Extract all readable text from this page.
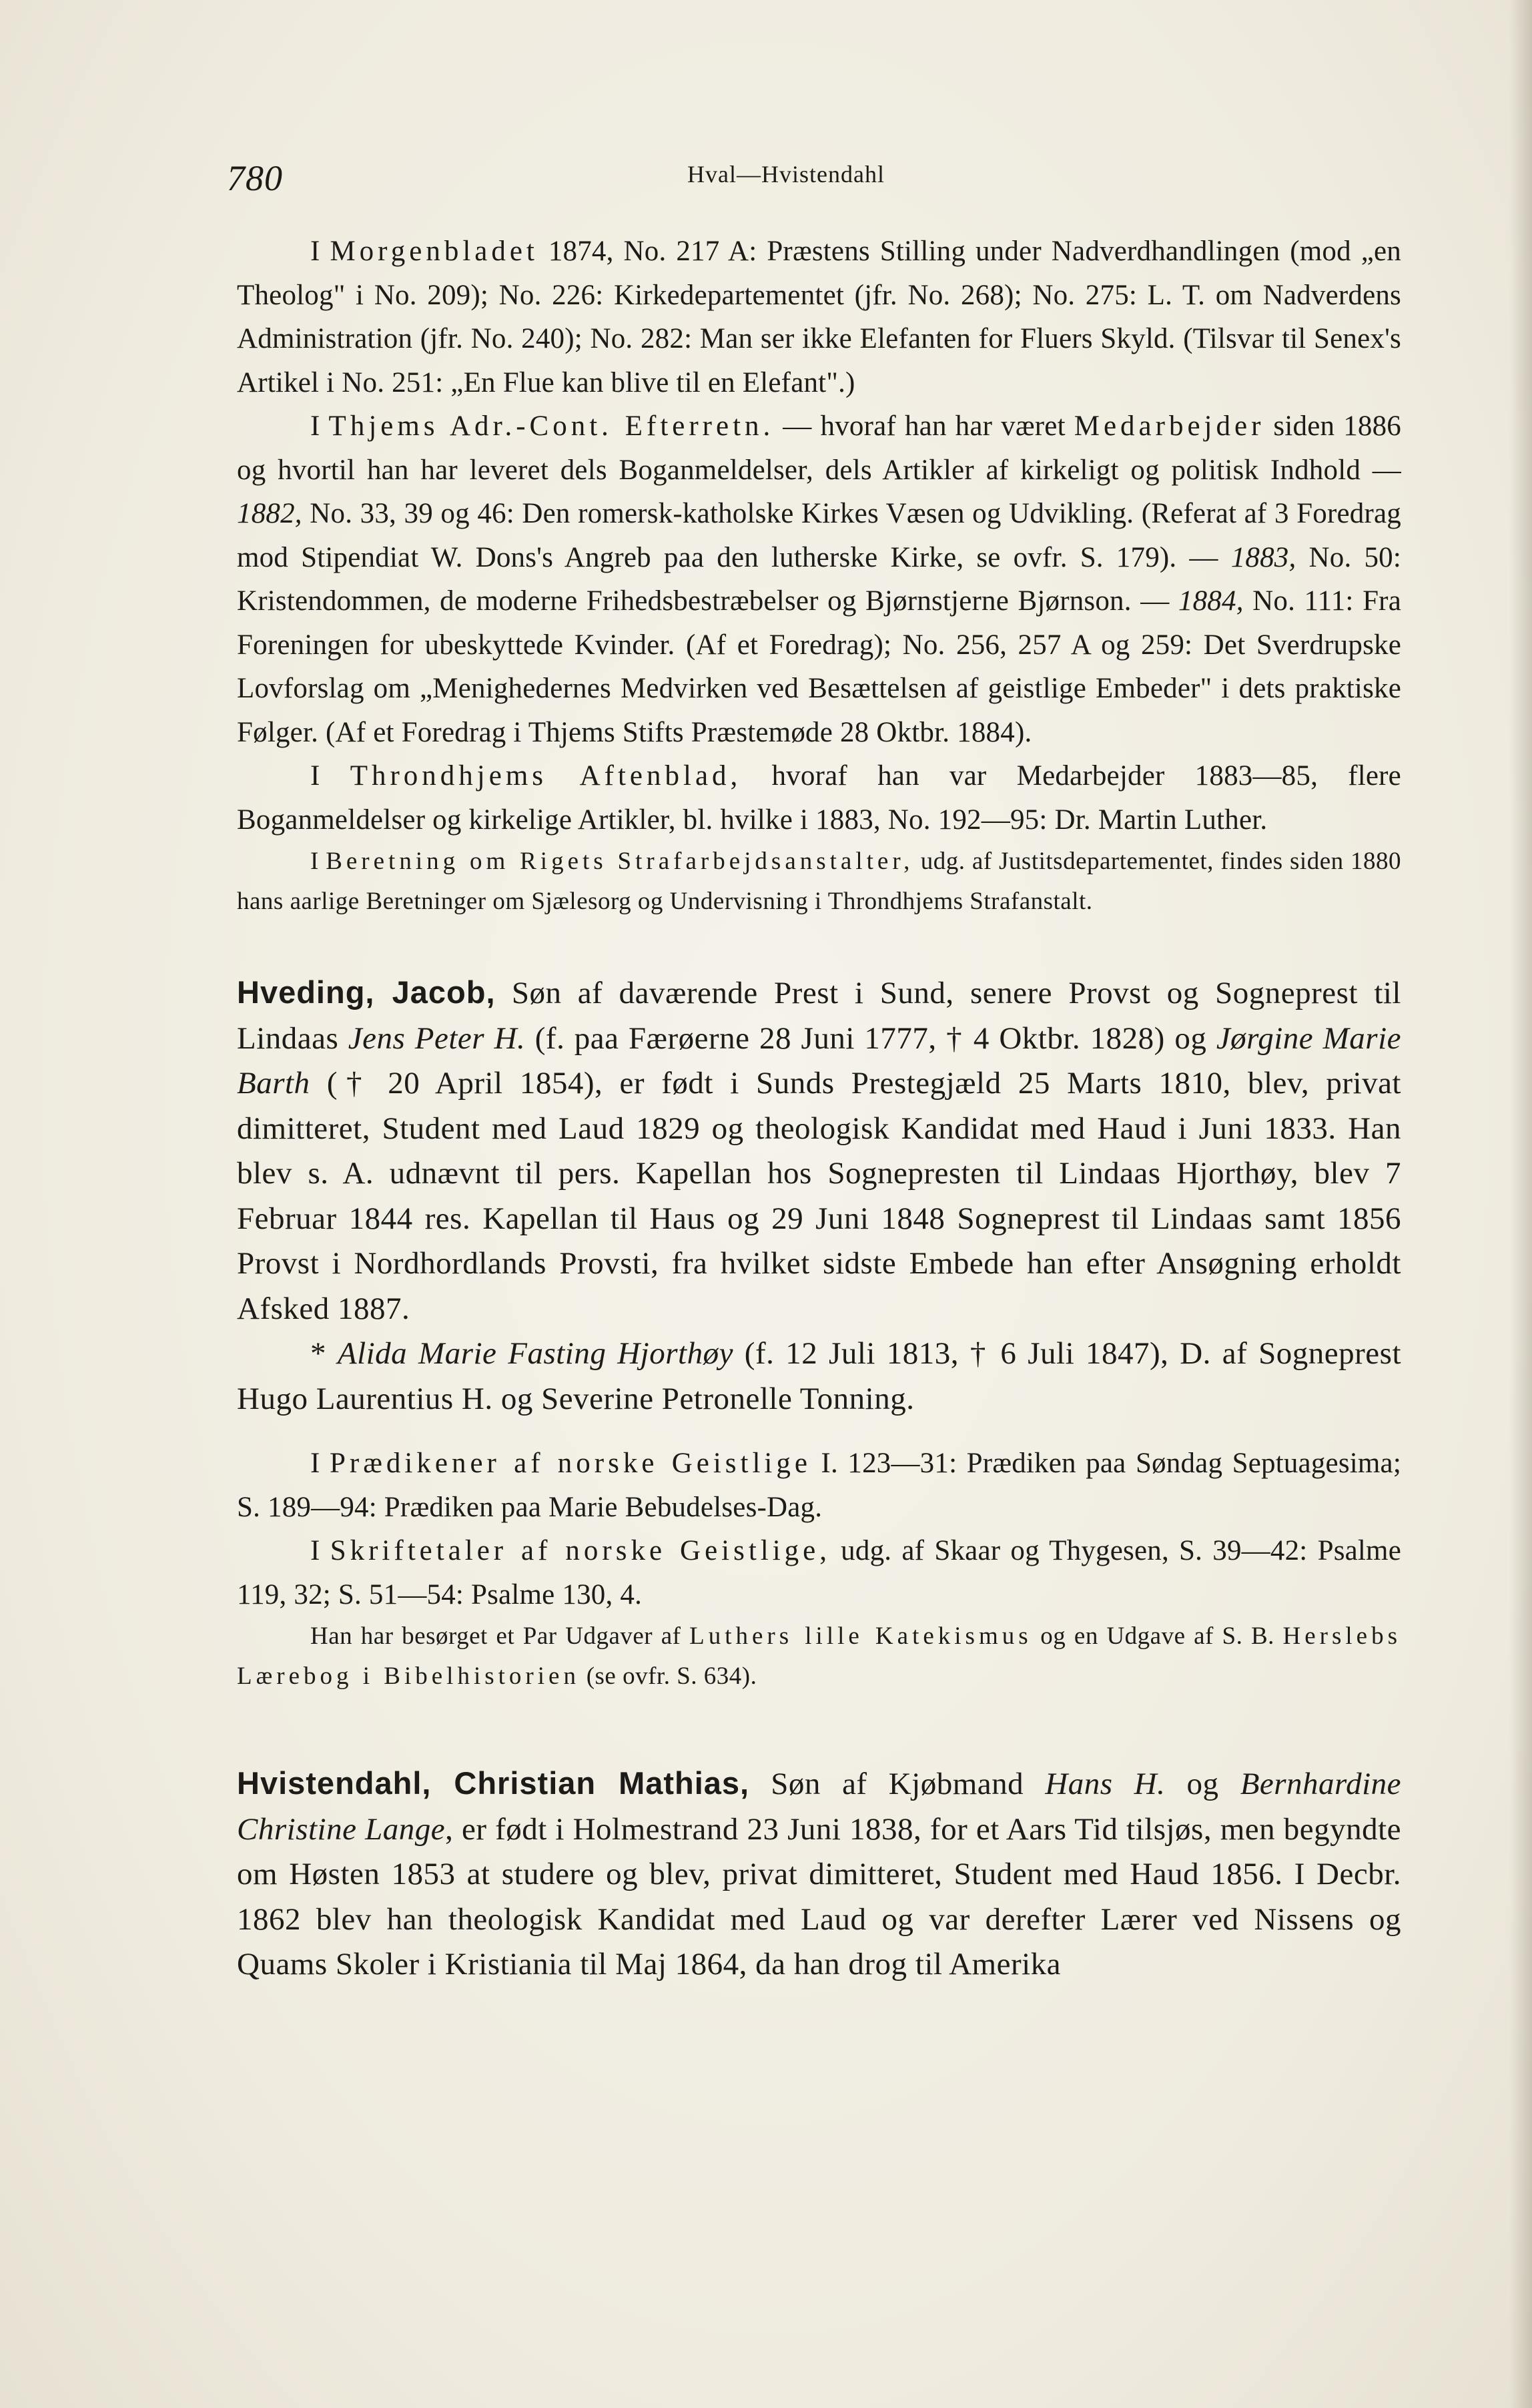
780	Hval—Hvistendahl

I Morgenbladet 1874, No. 217 A: Præstens Stilling under Nadverdhandlingen (mod „en Theolog" i No. 209); No. 226: Kirkedepartementet (jfr. No. 268); No. 275: L. T. om Nadverdens Administration (jfr. No. 240); No. 282: Man ser ikke Elefanten for Fluers Skyld. (Tilsvar til Senex's Artikel i No. 251: „En Flue kan blive til en Elefant".)

I Thjems Adr.-Cont. Efterretn. — hvoraf han har været Medarbejder siden 1886 og hvortil han har leveret dels Boganmeldelser, dels Artikler af kirkeligt og politisk Indhold — 1882, No. 33, 39 og 46: Den romersk-katholske Kirkes Væsen og Udvikling. (Referat af 3 Foredrag mod Stipendiat W. Dons's Angreb paa den lutherske Kirke, se ovfr. S. 179). — 1883, No. 50: Kristendommen, de moderne Frihedsbestræbelser og Bjørnstjerne Bjørnson. — 1884, No. 111: Fra Foreningen for ubeskyttede Kvinder. (Af et Foredrag); No. 256, 257 A og 259: Det Sverdrupske Lovforslag om „Menighedernes Medvirken ved Besættelsen af geistlige Embeder" i dets praktiske Følger. (Af et Foredrag i Thjems Stifts Præstemøde 28 Oktbr. 1884).

I Throndhjems Aftenblad, hvoraf han var Medarbejder 1883—85, flere Boganmeldelser og kirkelige Artikler, bl. hvilke i 1883, No. 192—95: Dr. Martin Luther.

I Beretning om Rigets Strafarbejdsanstalter, udg. af Justitsdepartementet, findes siden 1880 hans aarlige Beretninger om Sjælesorg og Undervisning i Throndhjems Strafanstalt.

Hveding, Jacob, Søn af daværende Prest i Sund, senere Provst og Sogneprest til Lindaas Jens Peter H. (f. paa Færøerne 28 Juni 1777, † 4 Oktbr. 1828) og Jørgine Marie Barth († 20 April 1854), er født i Sunds Prestegjæld 25 Marts 1810, blev, privat dimitteret, Student med Laud 1829 og theologisk Kandidat med Haud i Juni 1833. Han blev s. A. udnævnt til pers. Kapellan hos Sognepresten til Lindaas Hjorthøy, blev 7 Februar 1844 res. Kapellan til Haus og 29 Juni 1848 Sogneprest til Lindaas samt 1856 Provst i Nordhordlands Provsti, fra hvilket sidste Embede han efter Ansøgning erholdt Afsked 1887.

* Alida Marie Fasting Hjorthøy (f. 12 Juli 1813, † 6 Juli 1847), D. af Sogneprest Hugo Laurentius H. og Severine Petronelle Tonning.

I Prædikener af norske Geistlige I. 123—31: Prædiken paa Søndag Septuagesima; S. 189—94: Prædiken paa Marie Bebudelses-Dag.

I Skriftetaler af norske Geistlige, udg. af Skaar og Thygesen, S. 39—42: Psalme 119, 32; S. 51—54: Psalme 130, 4.

Han har besørget et Par Udgaver af Luthers lille Katekismus og en Udgave af S. B. Herslebs Lærebog i Bibelhistorien (se ovfr. S. 634).

Hvistendahl, Christian Mathias, Søn af Kjøbmand Hans H. og Bernhardine Christine Lange, er født i Holmestrand 23 Juni 1838, for et Aars Tid tilsjøs, men begyndte om Høsten 1853 at studere og blev, privat dimitteret, Student med Haud 1856. I Decbr. 1862 blev han theologisk Kandidat med Laud og var derefter Lærer ved Nissens og Quams Skoler i Kristiania til Maj 1864, da han drog til Amerika
